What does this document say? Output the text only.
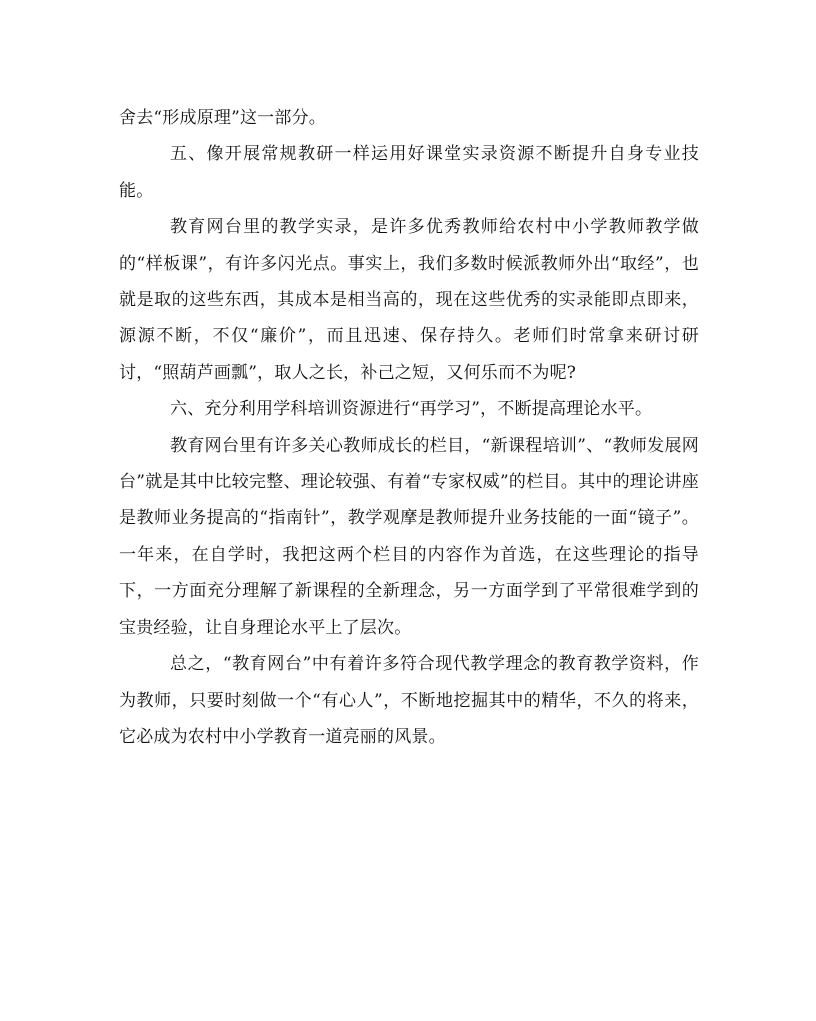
舍去“形成原理”这一部分。

五、像开展常规教研一样运用好课堂实录资源不断提升自身专业技能。

教育网台里的教学实录，是许多优秀教师给农村中小学教师教学做的“样板课”，有许多闪光点。事实上，我们多数时候派教师外出“取经”，也就是取的这些东西，其成本是相当高的，现在这些优秀的实录能即点即来，源源不断，不仅“廉价”，而且迅速、保存持久。老师们时常拿来研讨研讨，“照葫芦画瓢”，取人之长，补己之短，又何乐而不为呢?

六、充分利用学科培训资源进行“再学习”，不断提高理论水平。

教育网台里有许多关心教师成长的栏目，“新课程培训”、“教师发展网台”就是其中比较完整、理论较强、有着“专家权威”的栏目。其中的理论讲座是教师业务提高的“指南针”，教学观摩是教师提升业务技能的一面“镜子”。一年来，在自学时，我把这两个栏目的内容作为首选，在这些理论的指导下，一方面充分理解了新课程的全新理念，另一方面学到了平常很难学到的宝贵经验，让自身理论水平上了层次。

总之，“教育网台”中有着许多符合现代教学理念的教育教学资料，作为教师，只要时刻做一个“有心人”，不断地挖掘其中的精华，不久的将来，它必成为农村中小学教育一道亮丽的风景。
